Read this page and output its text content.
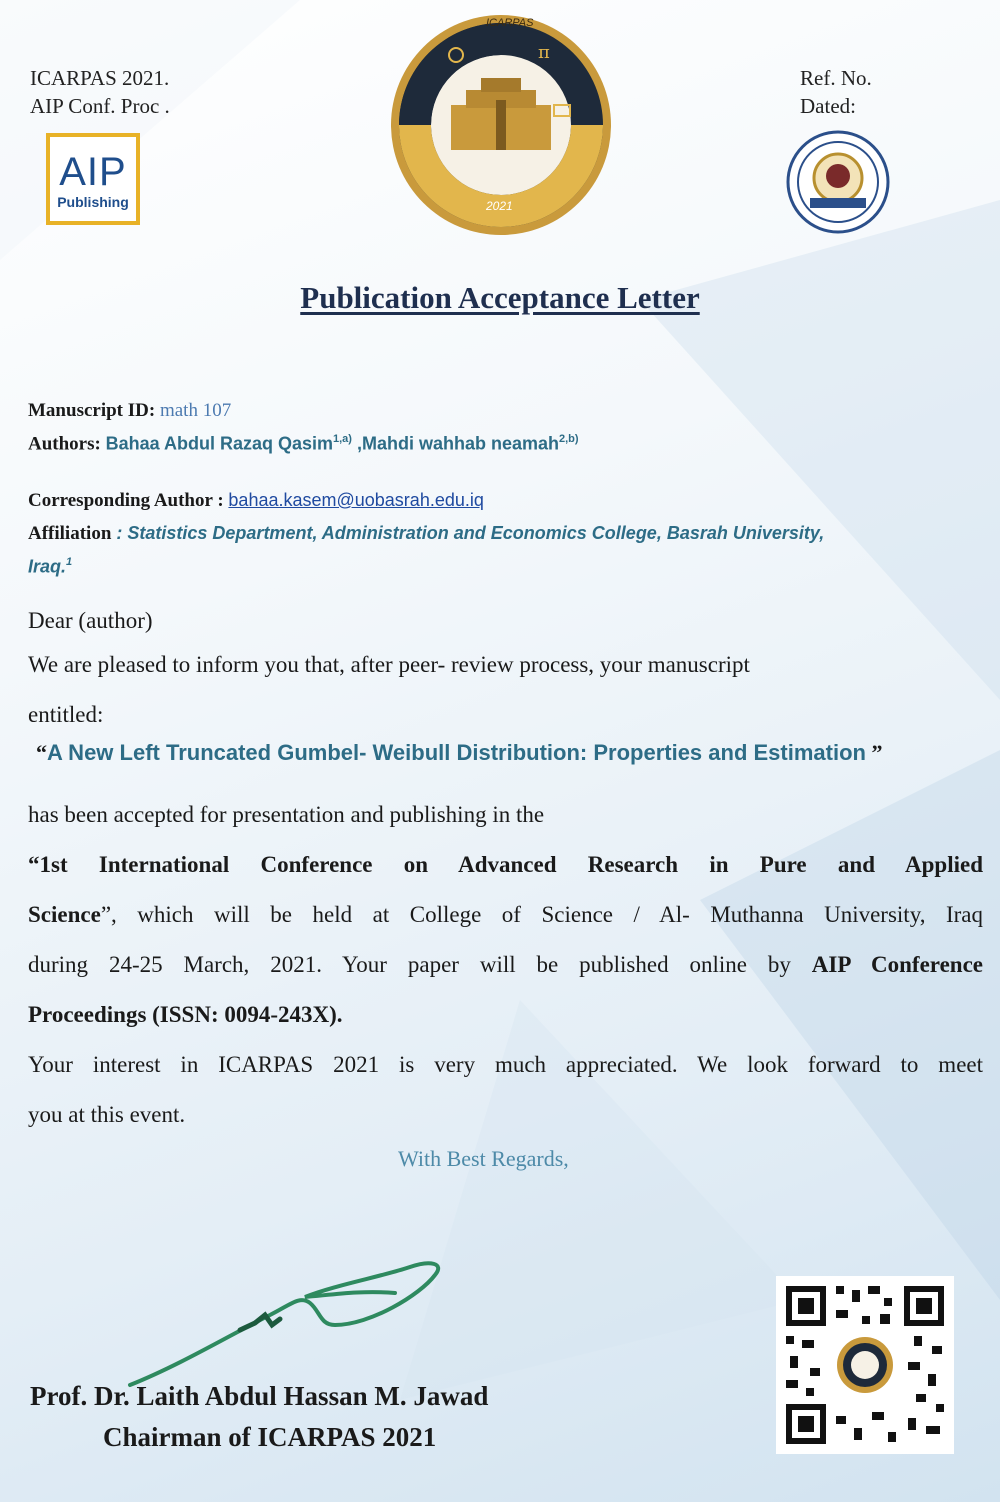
ICARPAS 2021.
AIP Conf. Proc .
Ref. No.
Dated:
AIP
Publishing
π
ICARPAS
2021
Publication Acceptance Letter
Manuscript ID: math 107
Authors: Bahaa Abdul Razaq Qasim$^{1,a)}$ ,Mahdi wahhab neamah$^{2,b)}$
Corresponding Author : bahaa.kasem@uobasrah.edu.iq
Affiliation : Statistics Department, Administration and Economics College, Basrah University,
Iraq.$^1$
Dear (author)
We are pleased to inform you that, after peer- review process, your manuscript
entitled:
“A New Left Truncated Gumbel- Weibull Distribution: Properties and Estimation ”
has been accepted for presentation and publishing in the
“1st International Conference on Advanced Research in Pure and Applied
Science”, which will be held at College of Science / Al- Muthanna University, Iraq
during 24-25 March, 2021. Your paper will be published online by AIP Conference
Proceedings (ISSN: 0094-243X).
Your interest in ICARPAS 2021 is very much appreciated. We look forward to meet
you at this event.
With Best Regards,
Prof. Dr. Laith Abdul Hassan M. Jawad
Chairman of ICARPAS 2021
